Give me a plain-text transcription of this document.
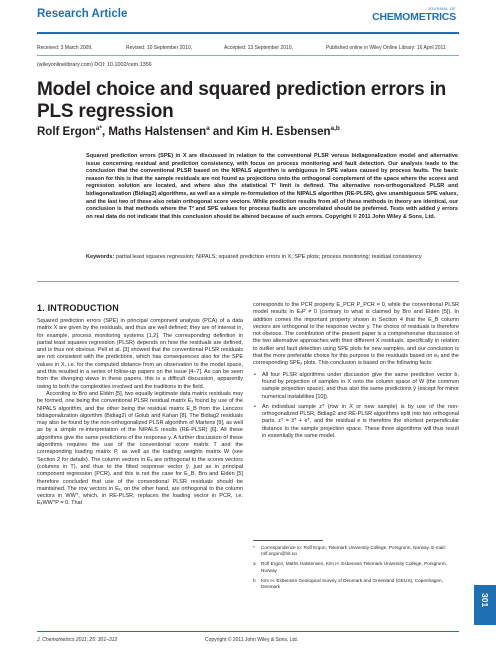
Research Article	JOURNAL OF
CHEMOMETRICS
Received: 3 March 2009,	Revised: 10 September 2010,	Accepted: 13 September 2010,	Published online in Wiley Online Library: 16 April 2011
(wileyonlinelibrary.com) DOI: 10.1002/cem.1356
Model choice and squared prediction errors in PLS regression
Rolf Ergon$^{a*}$, Maths Halstensen$^a$ and Kim H. Esbensen$^{a,b}$
Squared prediction errors (SPE) in X are discussed in relation to the conventional PLSR versus bidiagonalization model and alternative issue concerning residual and prediction consistency, with focus on process monitoring and fault detection. Our analysis leads to the conclusion that the conventional PLSR based on the NIPALS algorithm is ambiguous in SPE values caused by process faults. The basic reason for this is that the sample residuals are not found as projections onto the orthogonal complement of the space where the scores and regression solution are located, and where also the statistical T² limit is defined. The alternative non-orthogonalized PLSR and bidiagonalization (Bidiag2) algorithms, as well as a simple re-formulation of the NIPALS algorithm (RE-PLSR), give unambiguous SPE values, and the last two of these also retain orthogonal score vectors. While prediction results from all of these methods in theory are identical, our conclusion is that methods where the T² and SPE values for process faults are uncorrelated should be preferred. Tests with added y errors on real data do not indicate that this conclusion should be altered because of such errors. Copyright © 2011 John Wiley & Sons, Ltd.
Keywords: partial least squares regression; NIPALS; squared prediction errors in X; SPE plots; process monitoring; residual consistency
1. INTRODUCTION

Squared prediction errors (SPE) in principal component analysis (PCA) of a data matrix X are given by the residuals, and thus are well defined; they are of interest in, for example, process monitoring systems [1,2]. The corresponding definition in partial least squares regression (PLSR) depends on how the residuals are defined, and is thus not obvious. Pell et al. [3] showed that the conventional PLSR residuals are not consistent with the predictions, which has consequences also for the SPE values in X, i.e. for the computed distance from an observation to the model space, and this resulted in a series of follow-up papers on the issue [4–7]. As can be seen from the diverging views in these papers, this is a difficult discussion, apparently owing to both the complexities involved and the traditions in the field.

According to Bro and Eldén [5], two equally legitimate data matrix residuals may be formed, one being the conventional PLSR residual matrix Eₓ found by use of the NIPALS algorithm, and the other being the residual matrix E_B from the Lanczos bidiagonalization algorithm (Bidiag2) of Golub and Kahan [8]. The Bidiag2 residuals may also be found by the non-orthogonalized PLSR algorithm of Martens [9], as well as by a simple re-interpretation of the NIPALS results (RE-PLSR) [6]. All these algorithms give the same predictions of the response y. A further discussion of these algorithms requires the use of the conventional score matrix T and the corresponding loading matrix P, as well as the loading weights matrix W (see Section 2 for details). The column vectors in Eₓ are orthogonal to the scores vectors (columns in T), and thus to the fitted response vector ŷ, just as in principal component regression (PCR), and this is not the case for E_B. Bro and Eldén [5] therefore concluded that use of the conventional PLSR residuals should be maintained. The row vectors in Eₓ, on the other hand, are orthogonal to the column vectors in WWᵀ, which, in RE-PLSR, replaces the loading vector in PCR, i.e. EₓWWᵀP = 0. That

corresponds to the PCR property E_PCR P_PCR = 0, while the conventional PLSR model results in EₓP ≠ 0 (contrary to what is claimed by Bro and Eldén [5]). In addition comes the important property shown in Section 4 that the E_B column vectors are orthogonal to the response vector y. The choice of residuals is therefore not obvious. The contribution of the present paper is a comprehensive discussion of the two alternative approaches with their different X residuals, specifically in relation to outlier and fault detection using SPE plots for new samples, and our conclusion is that the more preferable choice for this purpose is the residuals based on eₓ and the corresponding SPEₓ plots. This conclusion is based on the following facts:

• All four PLSR algorithms under discussion give the same prediction vector b, found by projection of samples in X onto the column space of W (the common sample projection space), and thus also the same predictions ŷ (except for minor numerical instabilities [10]).
• An individual sample zᵀ (row in X or new sample) is by use of the non-orthogonalized PLSR, Bidiag2 and RE-PLSR algorithms split into two orthogonal parts, zᵀ = ẑᵀ + eᵀ, and the residual e is therefore the shortest perpendicular distance to the sample projection space. These three algorithms will thus result in essentially the same model.
* Correspondence to: Rolf Ergon, Telemark University College, Porsgrunn, Norway. E-mail: rolf.ergon@hit.no
a Rolf Ergon, Maths Halstensen, Kim H. Esbensen Telemark University College, Porsgrunn, Norway
b Kim H. Esbensen Geological Survey of Denmark and Greenland (GEUS), Copenhagen, Denmark
J. Chemometrics 2011; 25: 301–312	Copyright © 2011 John Wiley & Sons, Ltd.
301
